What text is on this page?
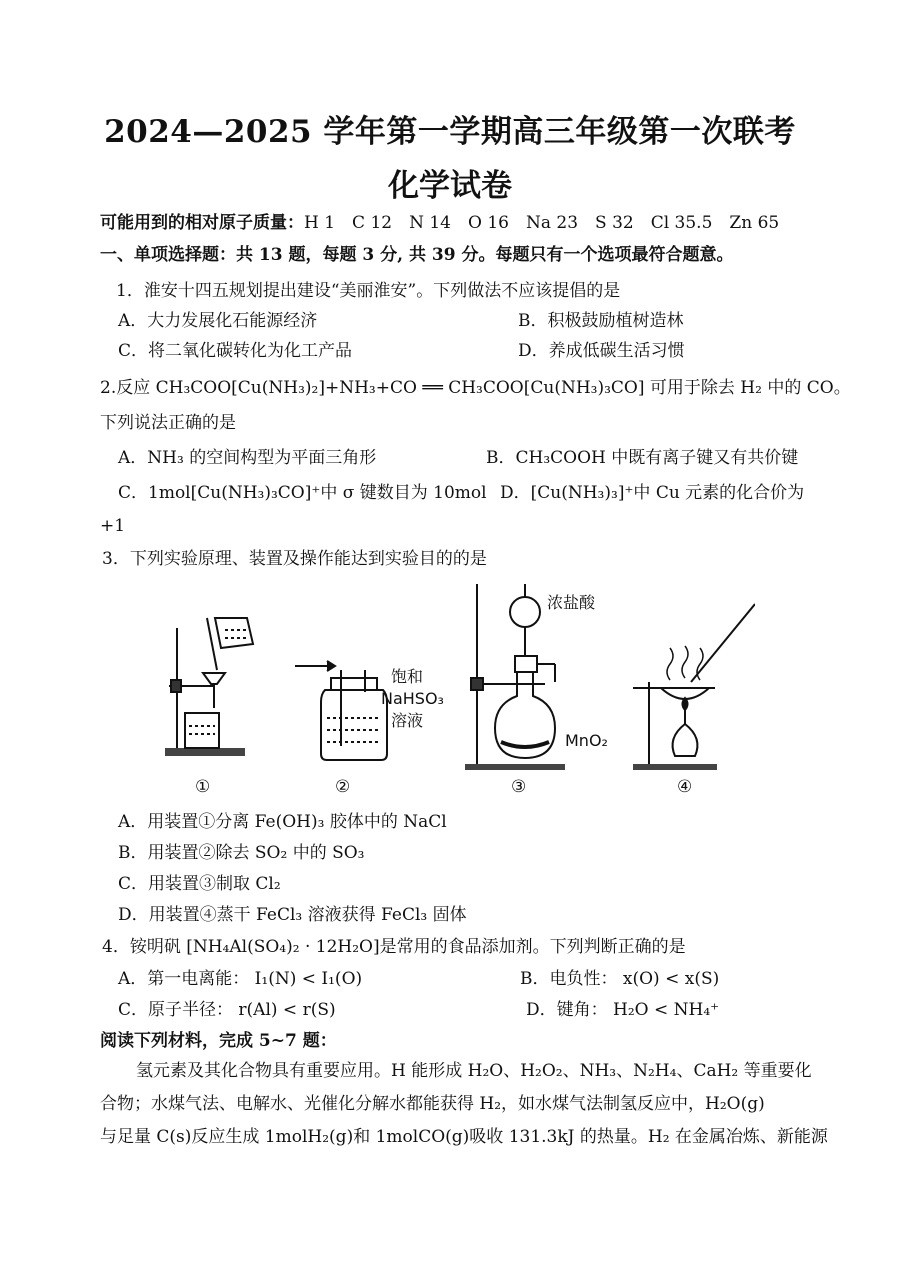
2024—2025 学年第一学期高三年级第一次联考
化学试卷
可能用到的相对原子质量：H 1　C 12　N 14　O 16　Na 23　S 32　Cl 35.5　Zn 65
一、单项选择题：共 13 题，每题 3 分, 共 39 分。每题只有一个选项最符合题意。
1．淮安十四五规划提出建设“美丽淮安”。下列做法不应该提倡的是
A．大力发展化石能源经济	B．积极鼓励植树造林
C．将二氧化碳转化为化工产品	D．养成低碳生活习惯
2.反应 CH₃COO[Cu(NH₃)₂]+NH₃+CO ══ CH₃COO[Cu(NH₃)₃CO] 可用于除去 H₂ 中的 CO。
下列说法正确的是
A．NH₃ 的空间构型为平面三角形	B．CH₃COOH 中既有离子键又有共价键
C．1mol[Cu(NH₃)₃CO]⁺中 σ 键数目为 10mol D．[Cu(NH₃)₃]⁺中 Cu 元素的化合价为
+1
3．下列实验原理、装置及操作能达到实验目的的是
浓盐酸
饱和
NaHSO₃
溶液
MnO₂
①	②	③	④
A．用装置①分离 Fe(OH)₃ 胶体中的 NaCl
B．用装置②除去 SO₂ 中的 SO₃
C．用装置③制取 Cl₂
D．用装置④蒸干 FeCl₃ 溶液获得 FeCl₃ 固体
4．铵明矾 [NH₄Al(SO₄)₂ · 12H₂O]是常用的食品添加剂。下列判断正确的是
A．第一电离能： I₁(N) < I₁(O)	B．电负性： x(O) < x(S)
C．原子半径： r(Al) < r(S)	D．键角： H₂O < NH₄⁺
阅读下列材料，完成 5~7 题：
氢元素及其化合物具有重要应用。H 能形成 H₂O、H₂O₂、NH₃、N₂H₄、CaH₂ 等重要化
合物；水煤气法、电解水、光催化分解水都能获得 H₂，如水煤气法制氢反应中，H₂O(g)
与足量 C(s)反应生成 1molH₂(g)和 1molCO(g)吸收 131.3kJ 的热量。H₂ 在金属冶炼、新能源
